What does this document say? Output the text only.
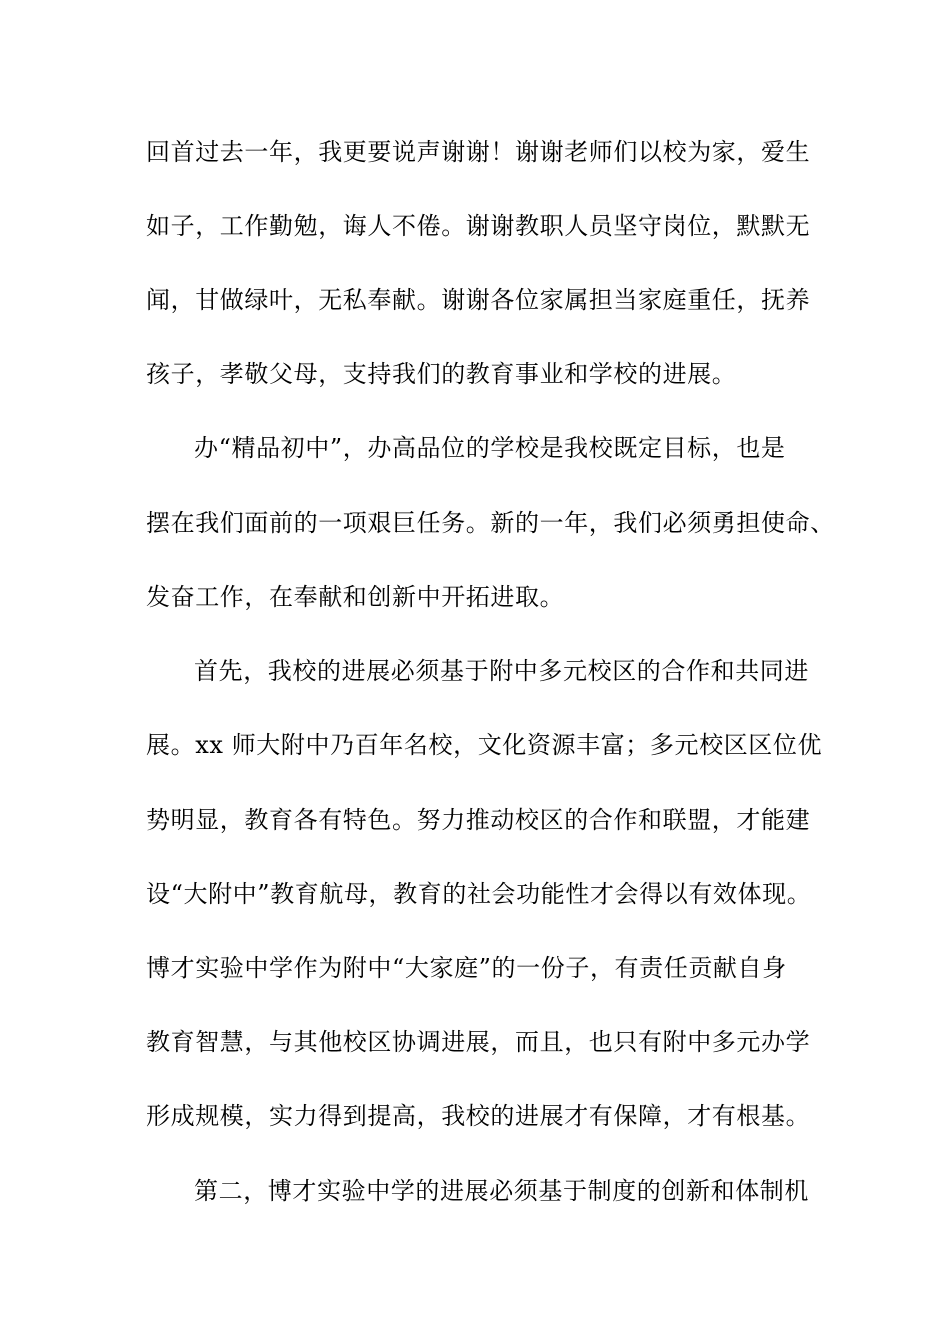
回首过去一年，我更要说声谢谢！谢谢老师们以校为家，爱生
如子，工作勤勉，诲人不倦。谢谢教职人员坚守岗位，默默无
闻，甘做绿叶，无私奉献。谢谢各位家属担当家庭重任，抚养
孩子，孝敬父母，支持我们的教育事业和学校的进展。
办“精品初中”，办高品位的学校是我校既定目标，也是
摆在我们面前的一项艰巨任务。新的一年，我们必须勇担使命、
发奋工作，在奉献和创新中开拓进取。
首先，我校的进展必须基于附中多元校区的合作和共同进
展。xx 师大附中乃百年名校，文化资源丰富；多元校区区位优
势明显，教育各有特色。努力推动校区的合作和联盟，才能建
设“大附中”教育航母，教育的社会功能性才会得以有效体现。
博才实验中学作为附中“大家庭”的一份子，有责任贡献自身
教育智慧，与其他校区协调进展，而且，也只有附中多元办学
形成规模，实力得到提高，我校的进展才有保障，才有根基。
第二，博才实验中学的进展必须基于制度的创新和体制机
